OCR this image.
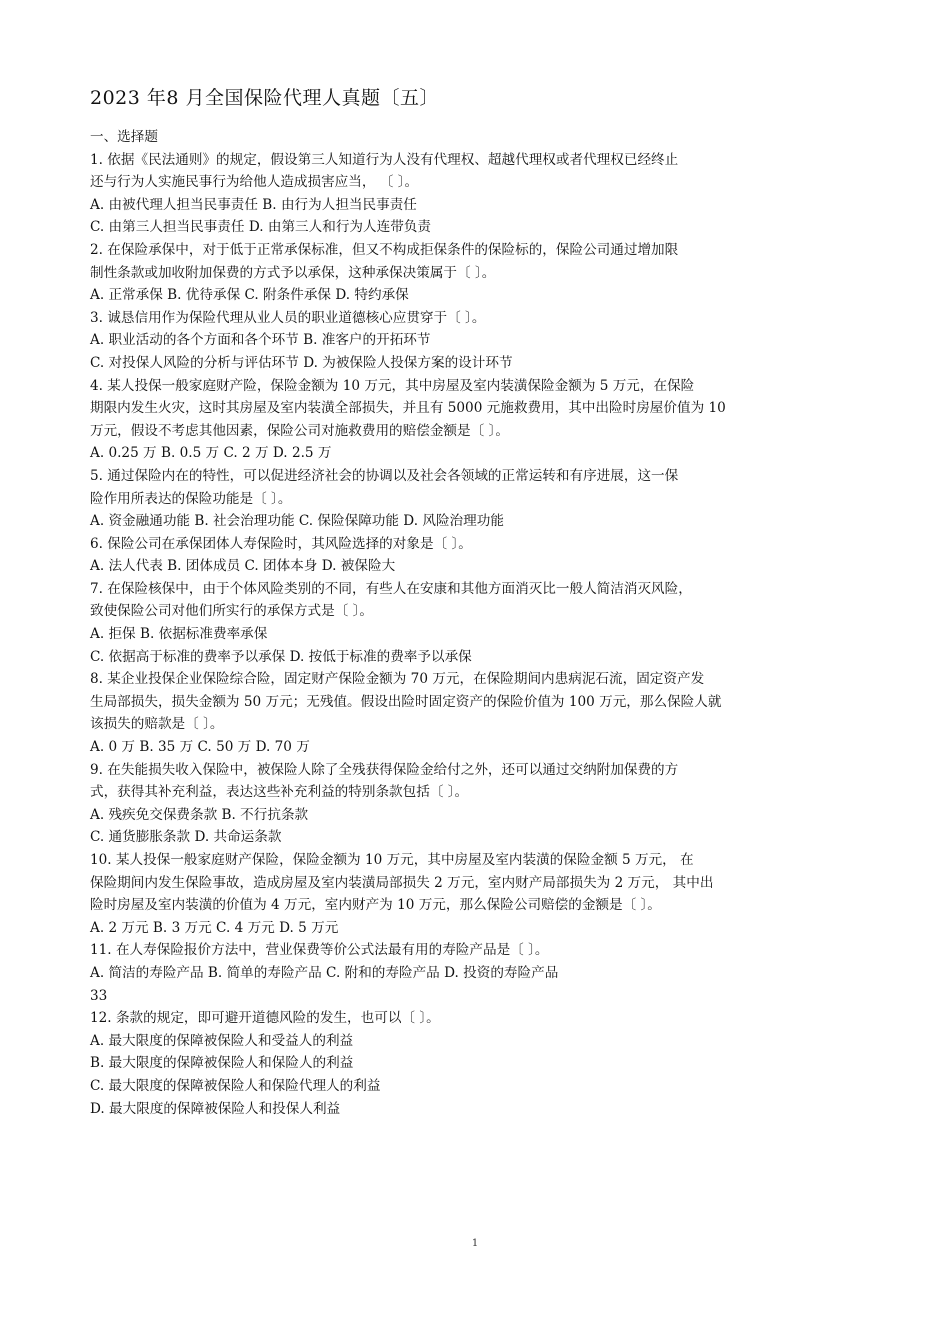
2023 年8 月全国保险代理人真题〔五〕
一、选择题
1. 依据《民法通则》的规定，假设第三人知道行为人没有代理权、超越代理权或者代理权已经终止
还与行为人实施民事行为给他人造成损害应当， 〔 〕。
A. 由被代理人担当民事责任 B. 由行为人担当民事责任
C. 由第三人担当民事责任 D. 由第三人和行为人连带负责
2. 在保险承保中，对于低于正常承保标准，但又不构成拒保条件的保险标的，保险公司通过增加限
制性条款或加收附加保费的方式予以承保，这种承保决策属于〔 〕。
A. 正常承保 B. 优待承保 C. 附条件承保 D. 特约承保
3. 诚恳信用作为保险代理从业人员的职业道德核心应贯穿于〔 〕。
A. 职业活动的各个方面和各个环节 B. 准客户的开拓环节
C. 对投保人风险的分析与评估环节 D. 为被保险人投保方案的设计环节
4. 某人投保一般家庭财产险，保险金额为 10 万元，其中房屋及室内装潢保险金额为 5 万元，在保险
期限内发生火灾，这时其房屋及室内装潢全部损失，并且有 5000 元施救费用，其中出险时房屋价值为 10
万元，假设不考虑其他因素，保险公司对施救费用的赔偿金额是〔 〕。
A. 0.25 万 B. 0.5 万 C. 2 万 D. 2.5 万
5. 通过保险内在的特性，可以促进经济社会的协调以及社会各领域的正常运转和有序进展，这一保
险作用所表达的保险功能是〔 〕。
A. 资金融通功能 B. 社会治理功能 C. 保险保障功能 D. 风险治理功能
6. 保险公司在承保团体人寿保险时，其风险选择的对象是〔 〕。
A. 法人代表 B. 团体成员 C. 团体本身 D. 被保险大
7. 在保险核保中，由于个体风险类别的不同，有些人在安康和其他方面消灭比一般人简洁消灭风险，
致使保险公司对他们所实行的承保方式是〔 〕。
A. 拒保 B. 依据标准费率承保
C. 依据高于标准的费率予以承保 D. 按低于标准的费率予以承保
8. 某企业投保企业保险综合险，固定财产保险金额为 70 万元，在保险期间内患病泥石流，固定资产发
生局部损失，损失金额为 50 万元；无残值。假设出险时固定资产的保险价值为 100 万元，那么保险人就
该损失的赔款是〔 〕。
A. 0 万 B. 35 万 C. 50 万 D. 70 万
9. 在失能损失收入保险中，被保险人除了全残获得保险金给付之外，还可以通过交纳附加保费的方
式，获得其补充利益，表达这些补充利益的特别条款包括〔 〕。
A. 残疾免交保费条款 B. 不行抗条款
C. 通货膨胀条款 D. 共命运条款
10. 某人投保一般家庭财产保险，保险金额为 10 万元，其中房屋及室内装潢的保险金额 5 万元， 在
保险期间内发生保险事故，造成房屋及室内装潢局部损失 2 万元，室内财产局部损失为 2 万元， 其中出
险时房屋及室内装潢的价值为 4 万元，室内财产为 10 万元，那么保险公司赔偿的金额是〔 〕。
A. 2 万元 B. 3 万元 C. 4 万元 D. 5 万元
11. 在人寿保险报价方法中，营业保费等价公式法最有用的寿险产品是〔 〕。
A. 简洁的寿险产品 B. 简单的寿险产品 C. 附和的寿险产品 D. 投资的寿险产品
33
12. 条款的规定，即可避开道德风险的发生，也可以〔 〕。
A. 最大限度的保障被保险人和受益人的利益
B. 最大限度的保障被保险人和保险人的利益
C. 最大限度的保障被保险人和保险代理人的利益
D. 最大限度的保障被保险人和投保人利益
1
